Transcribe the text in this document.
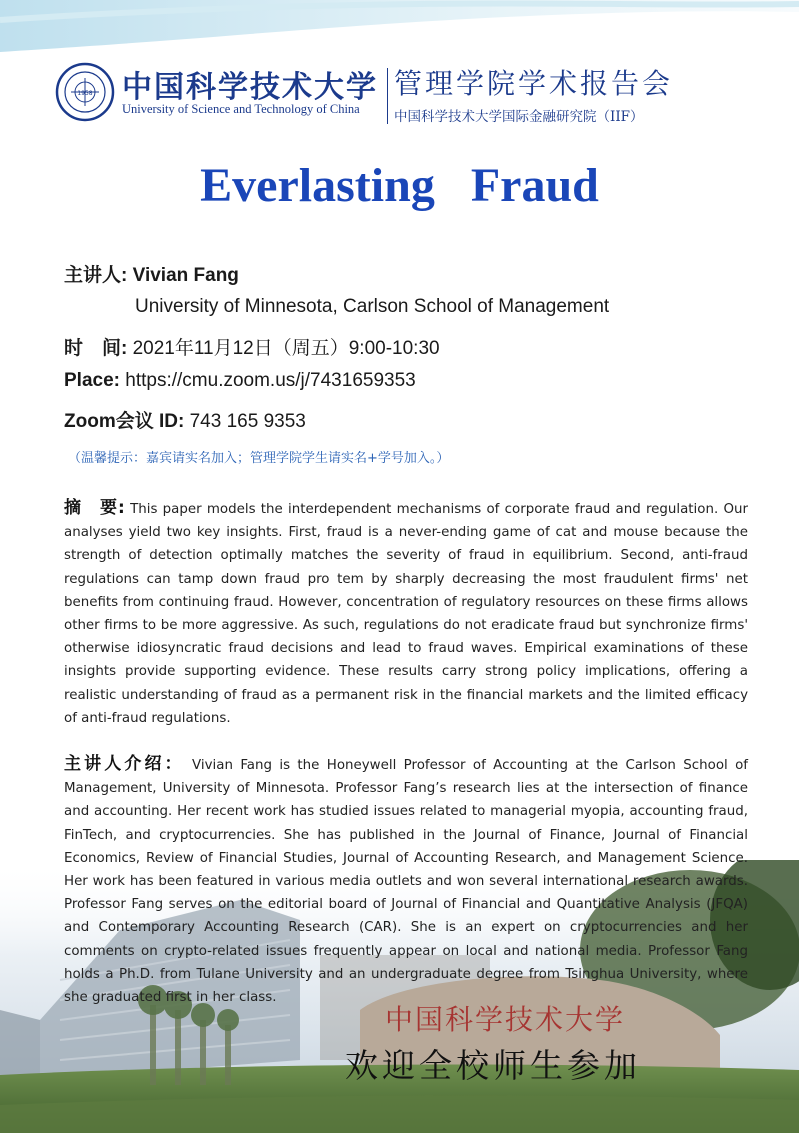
中国科学技术大学
1958 中国科学技术大学
University of Science and Technology of China
管理学院学术报告会
中国科学技术大学国际金融研究院（IIF）
Everlasting   Fraud
主讲人: Vivian Fang
University of Minnesota, Carlson School of Management
时　间: 2021年11月12日（周五）9:00-10:30
Place: https://cmu.zoom.us/j/7431659353
Zoom会议 ID: 743 165 9353
（温馨提示：嘉宾请实名加入；管理学院学生请实名+学号加入。）
摘　要: This paper models the interdependent mechanisms of corporate fraud and regulation. Our analyses yield two key insights. First, fraud is a never-ending game of cat and mouse because the strength of detection optimally matches the severity of fraud in equilibrium. Second, anti-fraud regulations can tamp down fraud pro tem by sharply decreasing the most fraudulent firms' net benefits from continuing fraud. However, concentration of regulatory resources on these firms allows other firms to be more aggressive. As such, regulations do not eradicate fraud but synchronize firms' otherwise idiosyncratic fraud decisions and lead to fraud waves. Empirical examinations of these insights provide supporting evidence. These results carry strong policy implications, offering a realistic understanding of fraud as a permanent risk in the financial markets and the limited efficacy of anti-fraud regulations.
主讲人介绍： Vivian Fang is the Honeywell Professor of Accounting at the Carlson School of Management, University of Minnesota. Professor Fang’s research lies at the intersection of finance and accounting. Her recent work has studied issues related to managerial myopia, accounting fraud, FinTech, and cryptocurrencies. She has published in the Journal of Finance, Journal of Financial Economics, Review of Financial Studies, Journal of Accounting Research, and Management Science. Her work has been featured in various media outlets and won several international research awards. Professor Fang serves on the editorial board of Journal of Financial and Quantitative Analysis (JFQA) and Contemporary Accounting Research (CAR). She is an expert on cryptocurrencies and her comments on crypto-related issues frequently appear on local and national media. Professor Fang holds a Ph.D. from Tulane University and an undergraduate degree from Tsinghua University, where she graduated first in her class.
欢迎全校师生参加
